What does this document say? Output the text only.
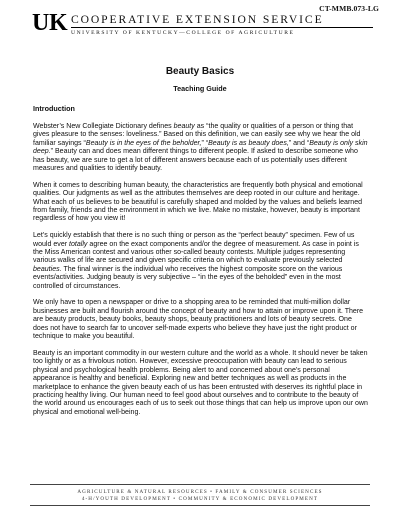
CT-MMB.073-LG
U K COOPERATIVE EXTENSION SERVICE
UNIVERSITY OF KENTUCKY—COLLEGE OF AGRICULTURE
Beauty Basics
Teaching Guide
Introduction

Webster’s New Collegiate Dictionary defines beauty as “the quality or qualities of a person or thing that gives pleasure to the senses: loveliness.” Based on this definition, we can easily see why we hear the old familiar sayings “Beauty is in the eyes of the beholder,” “Beauty is as beauty does,” and “Beauty is only skin deep.” Beauty can and does mean different things to different people. If asked to describe someone who has beauty, we are sure to get a lot of different answers because each of us potentially uses different measures and qualities to identify beauty.

When it comes to describing human beauty, the characteristics are frequently both physical and emotional qualities. Our judgments as well as the attributes themselves are deep rooted in our culture and heritage. What each of us believes to be beautiful is carefully shaped and molded by the values and beliefs learned from family, friends and the environment in which we live. Make no mistake, however, beauty is important regardless of how you view it!

Let’s quickly establish that there is no such thing or person as the “perfect beauty” specimen. Few of us would ever totally agree on the exact components and/or the degree of measurement. As case in point is the Miss American contest and various other so-called beauty contests. Multiple judges representing various walks of life are secured and given specific criteria on which to evaluate previously selected beauties. The final winner is the individual who receives the highest composite score on the various events/activities. Judging beauty is very subjective – “in the eyes of the beholded” even in the most controlled of circumstances.

We only have to open a newspaper or drive to a shopping area to be reminded that multi-million dollar businesses are built and flourish around the concept of beauty and how to attain or improve upon it. There are beauty products, beauty books, beauty shops, beauty practitioners and lots of beauty secrets. One does not have to search far to uncover self-made experts who believe they have just the right product or technique to make you beautiful.

Beauty is an important commodity in our western culture and the world as a whole. It should never be taken too lightly or as a frivolous notion. However, excessive preoccupation with beauty can lead to serious physical and psychological health problems. Being alert to and concerned about one’s personal appearance is healthy and beneficial. Exploring new and better techniques as well as products in the marketplace to enhance the given beauty each of us has been entrusted with deserves its rightful place in practicing healthy living. Our human need to feel good about ourselves and to contribute to the beauty of the world around us encourages each of us to seek out those things that can help us improve upon our own physical and emotional well-being.

AGRICULTURE & NATURAL RESOURCES • FAMILY & CONSUMER SCIENCES
4-H/YOUTH DEVELOPMENT • COMMUNITY & ECONOMIC DEVELOPMENT
